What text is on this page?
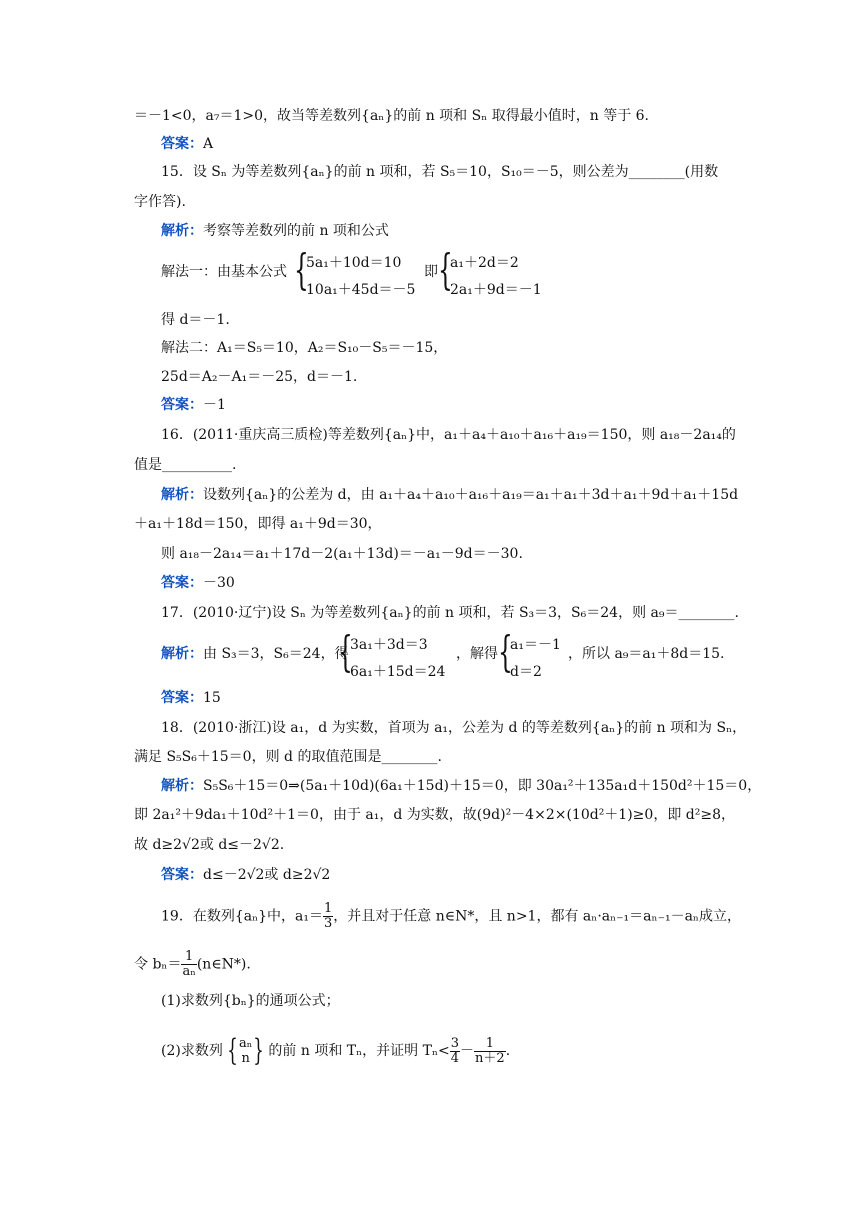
＝－1<0，a₇＝1>0，故当等差数列{aₙ}的前 n 项和 Sₙ 取得最小值时，n 等于 6.
答案：A
15．设 Sₙ 为等差数列{aₙ}的前 n 项和，若 S₅＝10，S₁₀＝－5，则公差为________(用数
字作答).
解析：考察等差数列的前 n 项和公式
解法一：由基本公式 {
5a₁＋10d＝10
10a₁＋45d＝－5
即 {
a₁＋2d＝2
2a₁＋9d＝－1
得 d＝－1.
解法二：A₁＝S₅＝10，A₂＝S₁₀－S₅＝－15，
25d＝A₂－A₁＝－25，d＝－1.
答案：－1
16．(2011·重庆高三质检)等差数列{aₙ}中，a₁＋a₄＋a₁₀＋a₁₆＋a₁₉＝150，则 a₁₈－2a₁₄的
值是__________.
解析：设数列{aₙ}的公差为 d，由 a₁＋a₄＋a₁₀＋a₁₆＋a₁₉＝a₁＋a₁＋3d＋a₁＋9d＋a₁＋15d
＋a₁＋18d＝150，即得 a₁＋9d＝30，
则 a₁₈－2a₁₄＝a₁＋17d－2(a₁＋13d)＝－a₁－9d＝－30.
答案：－30
17．(2010·辽宁)设 Sₙ 为等差数列{aₙ}的前 n 项和，若 S₃＝3，S₆＝24，则 a₉＝________.
解析：由 S₃＝3，S₆＝24，得
{
3a₁＋3d＝3
6a₁＋15d＝24
，解得 {
a₁＝－1
d＝2
，所以 a₉＝a₁＋8d＝15.
答案：15
18．(2010·浙江)设 a₁，d 为实数，首项为 a₁，公差为 d 的等差数列{aₙ}的前 n 项和为 Sₙ，
满足 S₅S₆＋15＝0，则 d 的取值范围是________.
解析：S₅S₆＋15＝0⇒(5a₁＋10d)(6a₁＋15d)＋15＝0，即 30a₁²＋135a₁d＋150d²＋15＝0，
即 2a₁²＋9da₁＋10d²＋1＝0，由于 a₁，d 为实数，故(9d)²－4×2×(10d²＋1)≥0，即 d²≥8，
故 d≥2√2或 d≤－2√2.
答案：d≤－2√2或 d≥2√2
19．在数列{aₙ}中，$a_1= \frac{1}{3}$ ，并且对于任意 n∈N*，且 n>1，都有 aₙ·aₙ₋₁＝aₙ₋₁－aₙ成立，
令 $b_n= \frac{1}{\text{aₙ}}$ (n∈N*).
(1)求数列{bₙ}的通项公式；
(2)求数列 { aₙ
n } 的前 n 项和 Tₙ，并证明 $T_n< \frac{3}{4} - \frac{1}{n+2}$ .
